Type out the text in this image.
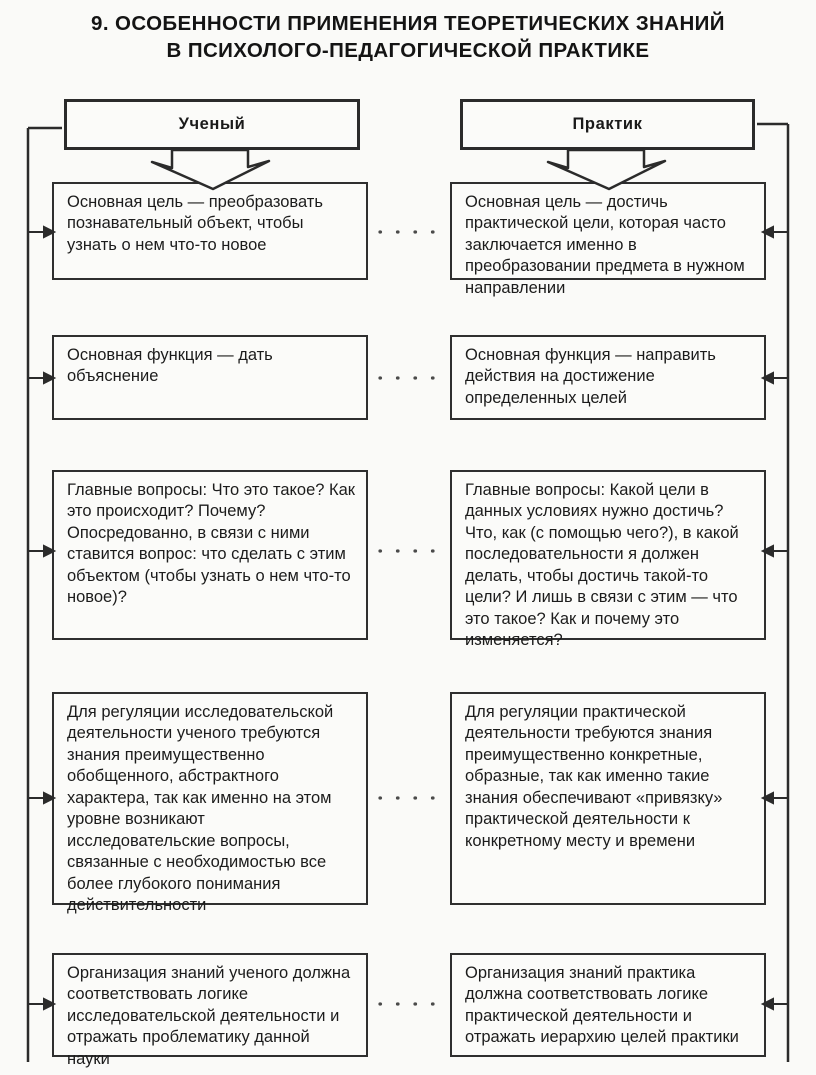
9. ОСОБЕННОСТИ ПРИМЕНЕНИЯ ТЕОРЕТИЧЕСКИХ ЗНАНИЙ
В ПСИХОЛОГО-ПЕДАГОГИЧЕСКОЙ ПРАКТИКЕ
Ученый	Практик
Основная цель — преобразовать познавательный объект, чтобы узнать о нем что-то новое
Основная цель — достичь практической цели, которая часто заключается именно в преобразовании предмета в нужном направлении
Основная функция — дать объяснение
Основная функция — направить действия на достижение определенных целей
Главные вопросы: Что это такое? Как это происходит? Почему? Опосредованно, в связи с ними ставится вопрос: что сделать с этим объектом (чтобы узнать о нем что-то новое)?
Главные вопросы: Какой цели в данных условиях нужно достичь? Что, как (с помощью чего?), в какой последовательности я должен делать, чтобы достичь такой-то цели? И лишь в связи с этим — что это такое? Как и почему это изменяется?
Для регуляции исследовательской деятельности ученого требуются знания преимущественно обобщенного, абстрактного характера, так как именно на этом уровне возникают исследовательские вопросы, связанные с необходимостью все более глубокого понимания действительности
Для регуляции практической деятельности требуются знания преимущественно конкретные, образные, так как именно такие знания обеспечивают «привязку» практической деятельности к конкретному месту и времени
Организация знаний ученого должна соответствовать логике исследовательской деятельности и отражать проблематику данной науки
Организация знаний практика должна соответствовать логике практической деятельности и отражать иерархию целей практики
